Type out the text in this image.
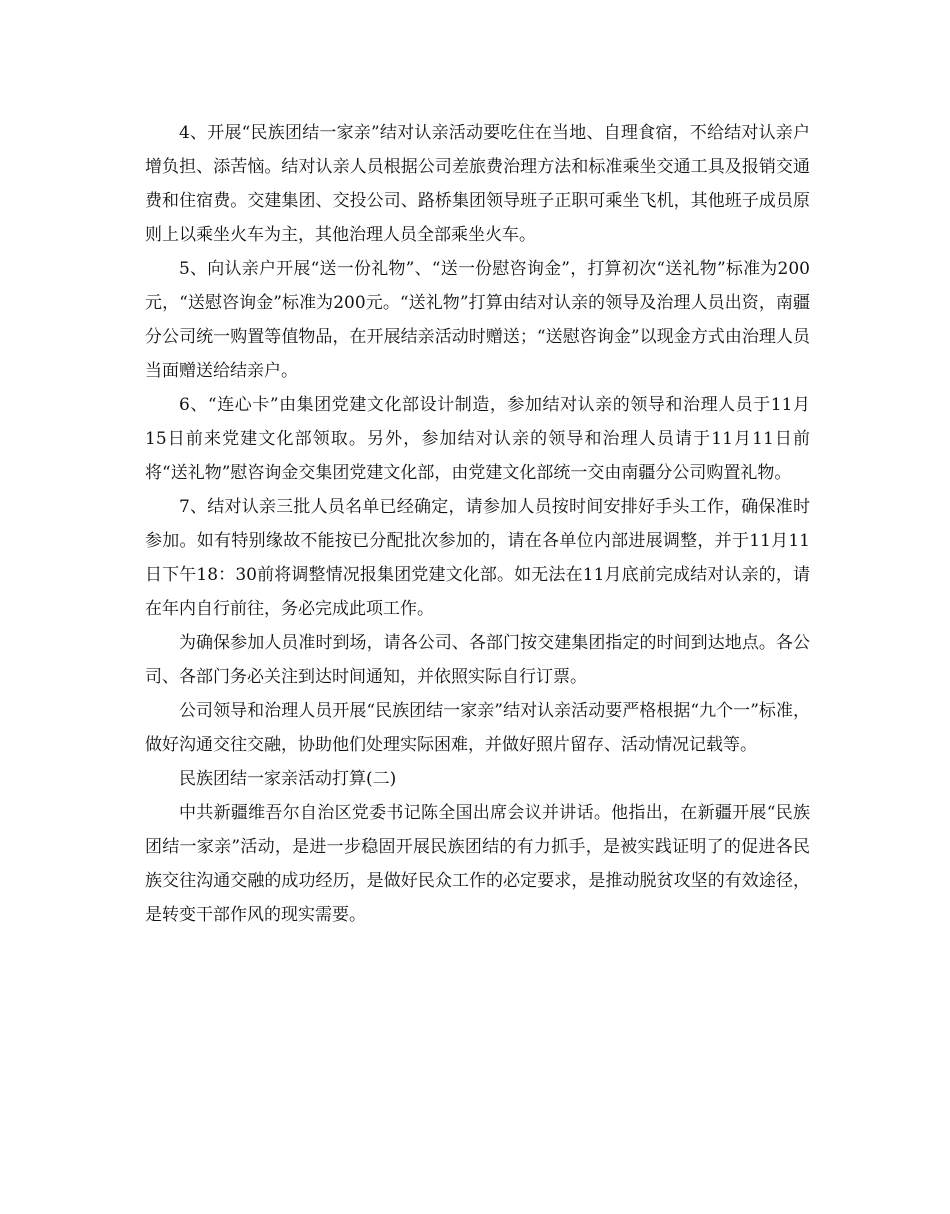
4、开展“民族团结一家亲”结对认亲活动要吃住在当地、自理食宿，不给结对认亲户增负担、添苦恼。结对认亲人员根据公司差旅费治理方法和标准乘坐交通工具及报销交通费和住宿费。交建集团、交投公司、路桥集团领导班子正职可乘坐飞机，其他班子成员原则上以乘坐火车为主，其他治理人员全部乘坐火车。

5、向认亲户开展“送一份礼物”、“送一份慰咨询金”，打算初次“送礼物”标准为200元，“送慰咨询金”标准为200元。“送礼物”打算由结对认亲的领导及治理人员出资，南疆分公司统一购置等值物品，在开展结亲活动时赠送；“送慰咨询金”以现金方式由治理人员当面赠送给结亲户。

6、“连心卡”由集团党建文化部设计制造，参加结对认亲的领导和治理人员于11月15日前来党建文化部领取。另外，参加结对认亲的领导和治理人员请于11月11日前将“送礼物”慰咨询金交集团党建文化部，由党建文化部统一交由南疆分公司购置礼物。

7、结对认亲三批人员名单已经确定，请参加人员按时间安排好手头工作，确保准时参加。如有特别缘故不能按已分配批次参加的，请在各单位内部进展调整，并于11月11日下午18：30前将调整情况报集团党建文化部。如无法在11月底前完成结对认亲的，请在年内自行前往，务必完成此项工作。

为确保参加人员准时到场，请各公司、各部门按交建集团指定的时间到达地点。各公司、各部门务必关注到达时间通知，并依照实际自行订票。

公司领导和治理人员开展“民族团结一家亲”结对认亲活动要严格根据“九个一”标准，做好沟通交往交融，协助他们处理实际困难，并做好照片留存、活动情况记载等。

民族团结一家亲活动打算(二)

中共新疆维吾尔自治区党委书记陈全国出席会议并讲话。他指出，在新疆开展“民族团结一家亲”活动，是进一步稳固开展民族团结的有力抓手，是被实践证明了的促进各民族交往沟通交融的成功经历，是做好民众工作的必定要求，是推动脱贫攻坚的有效途径，是转变干部作风的现实需要。
